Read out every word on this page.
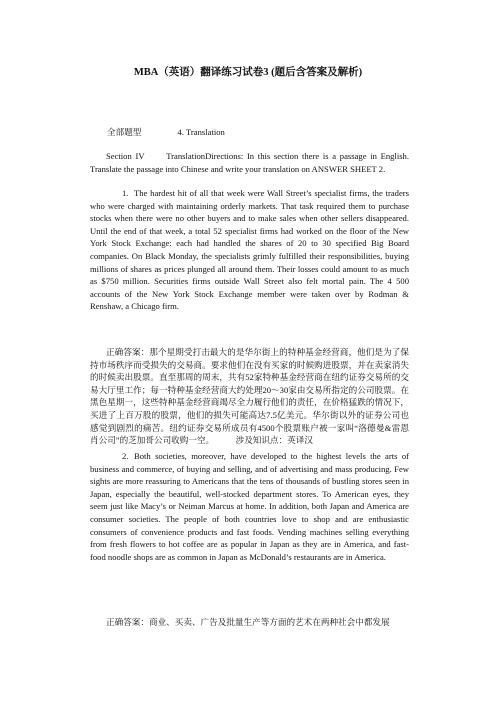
MBA（英语）翻译练习试卷3 (题后含答案及解析)
全部题型	4. Translation

Section IV　　TranslationDirections: In this section there is a passage in English. Translate the passage into Chinese and write your translation on ANSWER SHEET 2.

1. The hardest hit of all that week were Wall Street’s specialist firms, the traders who were charged with maintaining orderly markets. That task required them to purchase stocks when there were no other buyers and to make sales when other sellers disappeared. Until the end of that week, a total 52 specialist firms had worked on the floor of the New York Stock Exchange: each had handled the shares of 20 to 30 specified Big Board companies. On Black Monday, the specialists grimly fulfilled their responsibilities, buying millions of shares as prices plunged all around them. Their losses could amount to as much as $750 million. Securities firms outside Wall Street also felt mortal pain. The 4 500 accounts of the New York Stock Exchange member were taken over by Rodman & Renshaw, a Chicago firm.

正确答案：那个星期受打击最大的是华尔街上的特种基金经营商，他们是为了保持市场秩序而受损失的交易商。要求他们在没有买家的时候购进股票，并在卖家消失的时候卖出股票。直至那周的周末，共有52家特种基金经营商在纽约证券交易所的交易大厅里工作；每一特种基金经营商大约处理20～30家由交易所指定的公司股票。在黑色星期一，这些特种基金经营商竭尽全力履行他们的责任，在价格猛跌的情况下，买进了上百万股的股票，他们的损失可能高达7.5亿美元。华尔街以外的证券公司也感觉到剧烈的痛苦。纽约证券交易所成员有4500个股票账户被一家叫“洛德曼&雷恩肖公司”的芝加哥公司收购一空。　　　涉及知识点：英译汉

2. Both societies, moreover, have developed to the highest levels the arts of business and commerce, of buying and selling, and of advertising and mass producing. Few sights are more reassuring to Americans that the tens of thousands of bustling stores seen in Japan, especially the beautiful, well-stocked department stores. To American eyes, they seem just like Macy’s or Neiman Marcus at home. In addition, both Japan and America are consumer societies. The people of both countries love to shop and are enthusiastic consumers of convenience products and fast foods. Vending machines selling everything from fresh flowers to hot coffee are as popular in Japan as they are in America, and fast-food noodle shops are as common in Japan as McDonald’s restaurants are in America.

正确答案：商业、买卖、广告及批量生产等方面的艺术在两种社会中都发展
